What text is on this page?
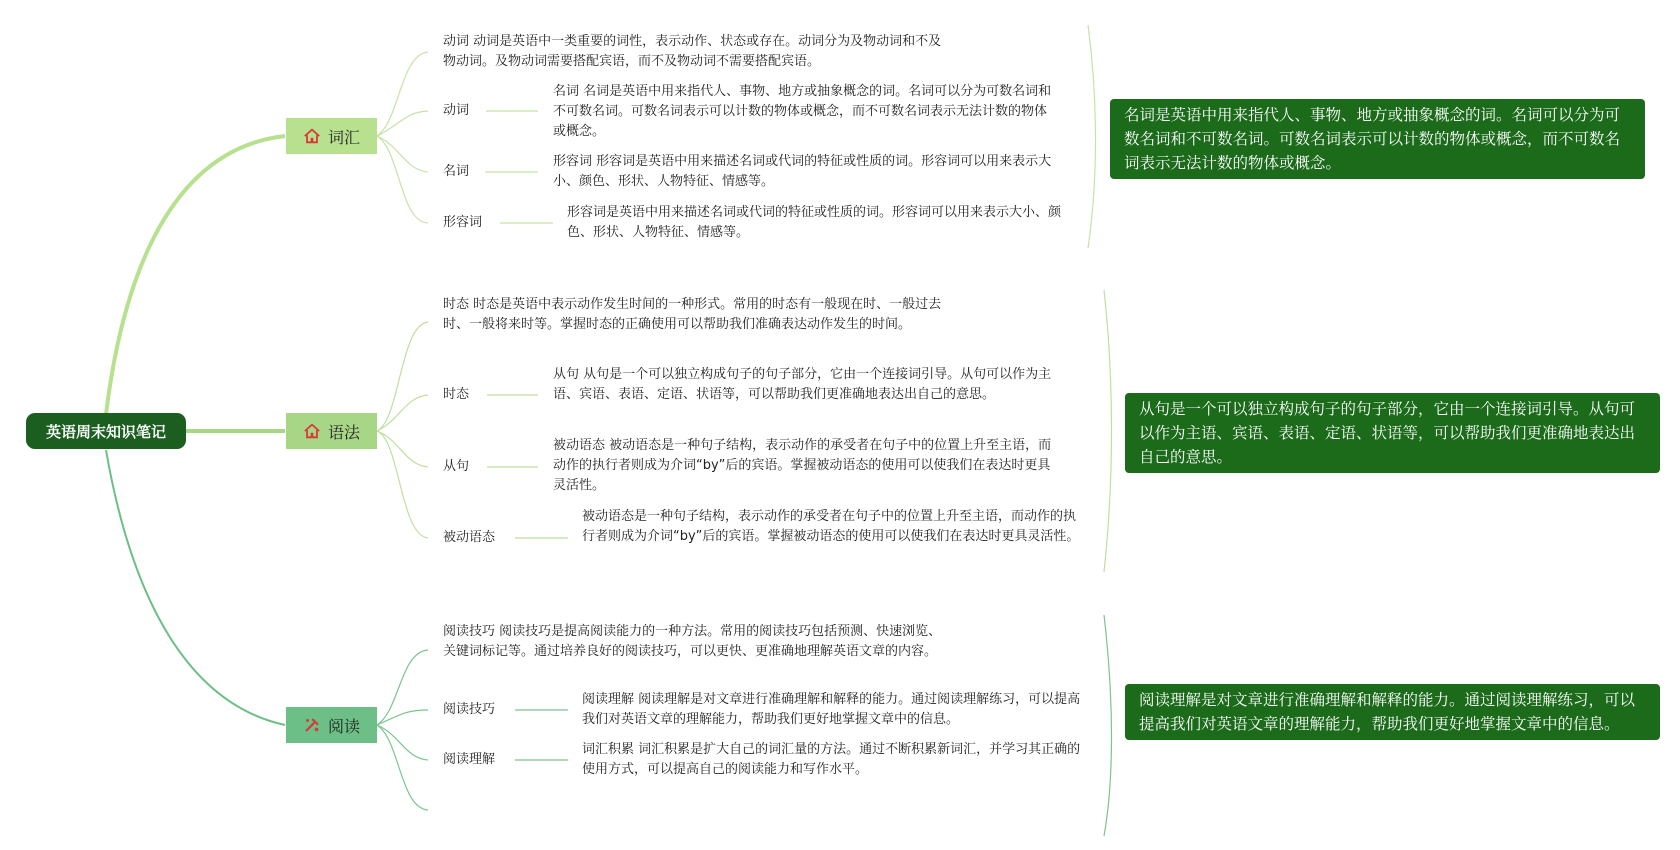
英语周末知识笔记
词汇
语法
阅读
动词 动词是英语中一类重要的词性，表示动作、状态或存在。动词分为及物动词和不及物动词。及物动词需要搭配宾语，而不及物动词不需要搭配宾语。
动词
名词 名词是英语中用来指代人、事物、地方或抽象概念的词。名词可以分为可数名词和不可数名词。可数名词表示可以计数的物体或概念，而不可数名词表示无法计数的物体或概念。
名词
形容词 形容词是英语中用来描述名词或代词的特征或性质的词。形容词可以用来表示大小、颜色、形状、人物特征、情感等。
形容词
形容词是英语中用来描述名词或代词的特征或性质的词。形容词可以用来表示大小、颜色、形状、人物特征、情感等。
名词是英语中用来指代人、事物、地方或抽象概念的词。名词可以分为可数名词和不可数名词。可数名词表示可以计数的物体或概念，而不可数名词表示无法计数的物体或概念。
时态 时态是英语中表示动作发生时间的一种形式。常用的时态有一般现在时、一般过去时、一般将来时等。掌握时态的正确使用可以帮助我们准确表达动作发生的时间。
时态
从句 从句是一个可以独立构成句子的句子部分，它由一个连接词引导。从句可以作为主语、宾语、表语、定语、状语等，可以帮助我们更准确地表达出自己的意思。
从句
被动语态 被动语态是一种句子结构，表示动作的承受者在句子中的位置上升至主语，而动作的执行者则成为介词“by”后的宾语。掌握被动语态的使用可以使我们在表达时更具灵活性。
被动语态
被动语态是一种句子结构，表示动作的承受者在句子中的位置上升至主语，而动作的执行者则成为介词“by”后的宾语。掌握被动语态的使用可以使我们在表达时更具灵活性。
从句是一个可以独立构成句子的句子部分，它由一个连接词引导。从句可以作为主语、宾语、表语、定语、状语等，可以帮助我们更准确地表达出自己的意思。
阅读技巧 阅读技巧是提高阅读能力的一种方法。常用的阅读技巧包括预测、快速浏览、关键词标记等。通过培养良好的阅读技巧，可以更快、更准确地理解英语文章的内容。
阅读技巧
阅读理解 阅读理解是对文章进行准确理解和解释的能力。通过阅读理解练习，可以提高我们对英语文章的理解能力，帮助我们更好地掌握文章中的信息。
阅读理解
词汇积累 词汇积累是扩大自己的词汇量的方法。通过不断积累新词汇，并学习其正确的使用方式，可以提高自己的阅读能力和写作水平。
阅读理解是对文章进行准确理解和解释的能力。通过阅读理解练习，可以提高我们对英语文章的理解能力，帮助我们更好地掌握文章中的信息。
